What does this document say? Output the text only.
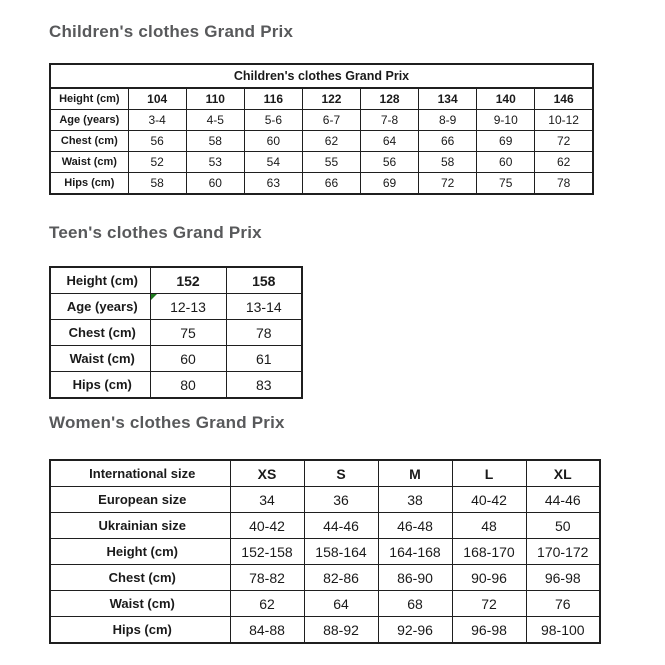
Children's clothes Grand Prix
Children's clothes Grand Prix								
Height (cm)	104	110	116	122	128	134	140	146
Age (years)	3-4	4-5	5-6	6-7	7-8	8-9	9-10	10-12
Chest (cm)	56	58	60	62	64	66	69	72
Waist (cm)	52	53	54	55	56	58	60	62
Hips (cm)	58	60	63	66	69	72	75	78
Teen's clothes Grand Prix
Height (cm)	152	158
Age (years)	12-13	13-14
Chest (cm)	75	78
Waist (cm)	60	61
Hips (cm)	80	83
Women's clothes Grand Prix
International size	XS	S	M	L	XL
European size	34	36	38	40-42	44-46
Ukrainian size	40-42	44-46	46-48	48	50
Height (cm)	152-158	158-164	164-168	168-170	170-172
Chest (cm)	78-82	82-86	86-90	90-96	96-98
Waist (cm)	62	64	68	72	76
Hips (cm)	84-88	88-92	92-96	96-98	98-100
